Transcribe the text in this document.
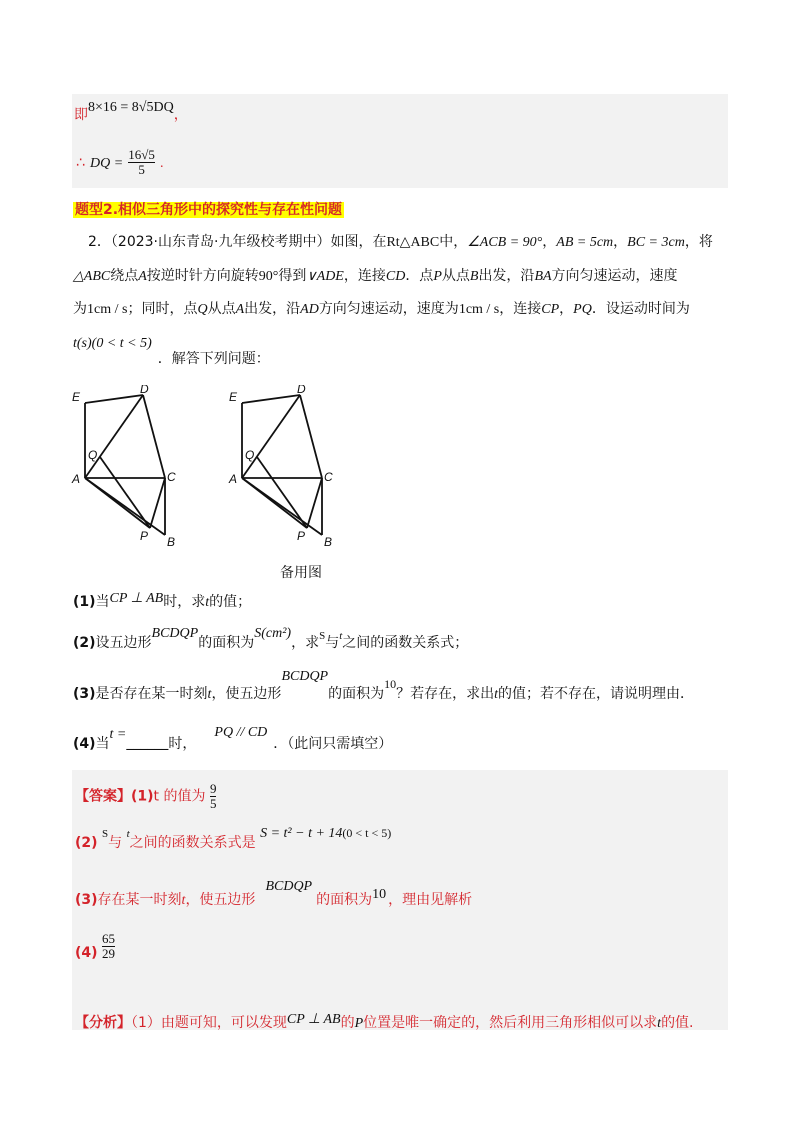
即8×16 = 8√5DQ，
∴ DQ = $\frac{16√5}{5}$ .
题型2.相似三角形中的探究性与存在性问题
2．（2023·山东青岛·九年级校考期中）如图，在Rt△ABC中，∠ACB = 90°，AB = 5cm，BC = 3cm，将
△ABC绕点A按逆时针方向旋转90°得到∨ADE，连接CD．点P从点B出发，沿BA方向匀速运动，速度
为1cm / s；同时，点Q从点A出发，沿AD方向匀速运动，速度为1cm / s，连接CP，PQ．设运动时间为
t(s)(0 < t < 5)．解答下列问题：
E
D
Q
A	C
P B
E
D
Q
A	C
P B
备用图
(1)当CP ⊥ AB时，求t的值；
(2)设五边形BCDQP的面积为S(cm²)，求$^S$与$^t$之间的函数关系式；
(3)是否存在某一时刻t，使五边形BCDQP的面积为10？若存在，求出t的值；若不存在，请说明理由．
(4)当t =______时，PQ // CD．（此问只需填空）
【答案】(1)t 的值为 $\frac{9}{5}$
(2) $^S$与 $^t$之间的函数关系式是 S = t² − t + 14(0 < t < 5)
(3)存在某一时刻t，使五边形BCDQP的面积为10 ，理由见解析
$(4) \frac{65}{29}$
【分析】（1）由题可知，可以发现CP ⊥ AB的P位置是唯一确定的，然后利用三角形相似可以求t的值.
